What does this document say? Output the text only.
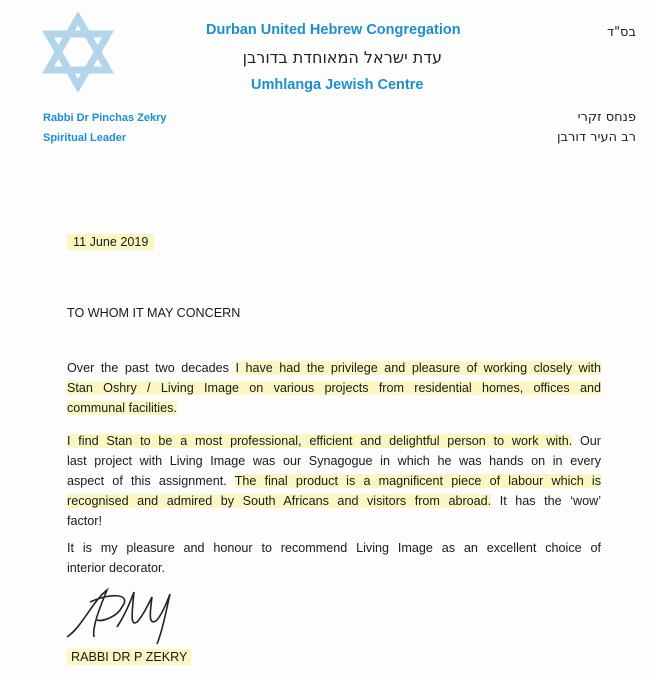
Durban United Hebrew Congregation
עדת ישראל המאוחדת בדורבן
Umhlanga Jewish Centre
בס"ד
Rabbi Dr Pinchas Zekry
Spiritual Leader
פנחס זקרי
רב העיר דורבן
11 June 2019
TO WHOM IT MAY CONCERN
Over the past two decades I have had the privilege and pleasure of working closely with
Stan Oshry / Living Image on various projects from residential homes, offices and
communal facilities.
I find Stan to be a most professional, efficient and delightful person to work with. Our
last project with Living Image was our Synagogue in which he was hands on in every
aspect of this assignment. The final product is a magnificent piece of labour which is
recognised and admired by South Africans and visitors from abroad. It has the ‘wow’
factor!
It is my pleasure and honour to recommend Living Image as an excellent choice of
interior decorator.
RABBI DR P ZEKRY
